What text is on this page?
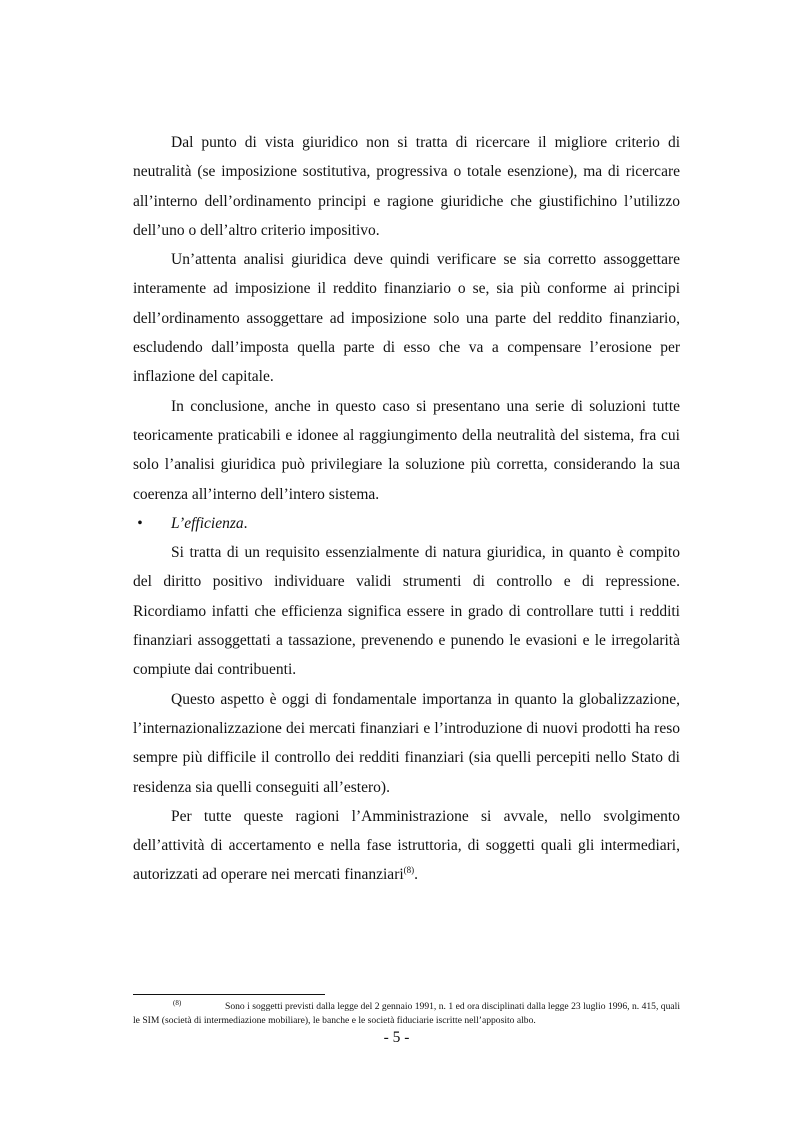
Dal punto di vista giuridico non si tratta di ricercare il migliore criterio di neutralità (se imposizione sostitutiva, progressiva o totale esenzione), ma di ricercare all’interno dell’ordinamento principi e ragione giuridiche che giustifichino l’utilizzo dell’uno o dell’altro criterio impositivo.

Un’attenta analisi giuridica deve quindi verificare se sia corretto assoggettare interamente ad imposizione il reddito finanziario o se, sia più conforme ai principi dell’ordinamento assoggettare ad imposizione solo una parte del reddito finanziario, escludendo dall’imposta quella parte di esso che va a compensare l’erosione per inflazione del capitale.

In conclusione, anche in questo caso si presentano una serie di soluzioni tutte teoricamente praticabili e idonee al raggiungimento della neutralità del sistema, fra cui solo l’analisi giuridica può privilegiare la soluzione più corretta, considerando la sua coerenza all’interno dell’intero sistema.

• L’efficienza.

Si tratta di un requisito essenzialmente di natura giuridica, in quanto è compito del diritto positivo individuare validi strumenti di controllo e di repressione. Ricordiamo infatti che efficienza significa essere in grado di controllare tutti i redditi finanziari assoggettati a tassazione, prevenendo e punendo le evasioni e le irregolarità compiute dai contribuenti.

Questo aspetto è oggi di fondamentale importanza in quanto la globalizzazione, l’internazionalizzazione dei mercati finanziari e l’introduzione di nuovi prodotti ha reso sempre più difficile il controllo dei redditi finanziari (sia quelli percepiti nello Stato di residenza sia quelli conseguiti all’estero).

Per tutte queste ragioni l’Amministrazione si avvale, nello svolgimento dell’attività di accertamento e nella fase istruttoria, di soggetti quali gli intermediari, autorizzati ad operare nei mercati finanziari$^{(8)}$.

$^{(8)}$	Sono i soggetti previsti dalla legge del 2 gennaio 1991, n. 1 ed ora disciplinati dalla legge 23 luglio 1996, n. 415, quali le SIM (società di intermediazione mobiliare), le banche e le società fiduciarie iscritte nell’apposito albo.
- 5 -
